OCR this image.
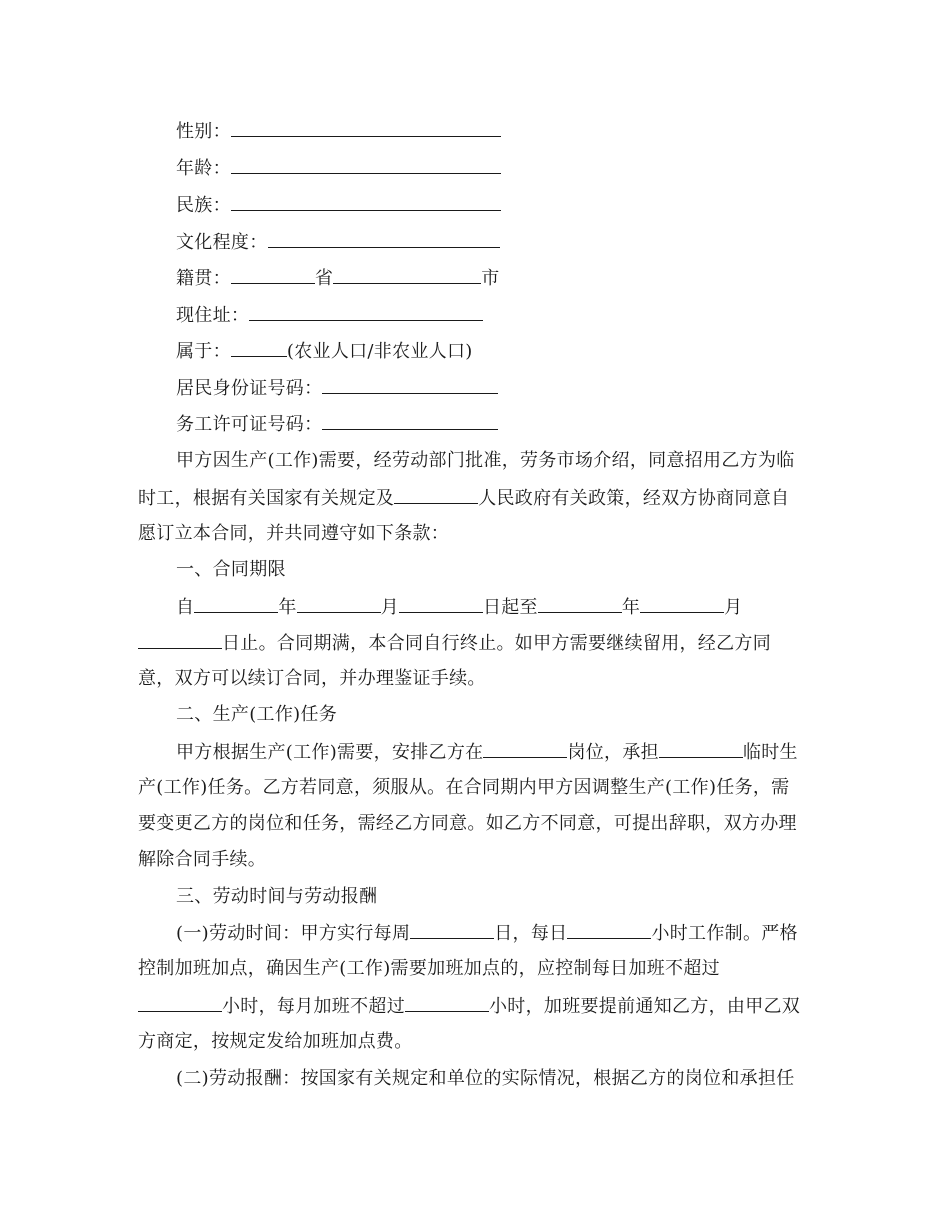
性别：
年龄：
民族：
文化程度：
籍贯：	省	市
现住址：
属于：	(农业人口/非农业人口)
居民身份证号码：
务工许可证号码：
甲方因生产(工作)需要，经劳动部门批准，劳务市场介绍，同意招用乙方为临
时工，根据有关国家有关规定及	人民政府有关政策，经双方协商同意自
愿订立本合同，并共同遵守如下条款：
一、合同期限
自	年	月	日起至	年	月
日止。合同期满，本合同自行终止。如甲方需要继续留用，经乙方同
意，双方可以续订合同，并办理鉴证手续。
二、生产(工作)任务
甲方根据生产(工作)需要，安排乙方在	岗位，承担	临时生
产(工作)任务。乙方若同意，须服从。在合同期内甲方因调整生产(工作)任务，需
要变更乙方的岗位和任务，需经乙方同意。如乙方不同意，可提出辞职，双方办理
解除合同手续。
三、劳动时间与劳动报酬
(一)劳动时间：甲方实行每周	日，每日	小时工作制。严格
控制加班加点，确因生产(工作)需要加班加点的，应控制每日加班不超过
小时，每月加班不超过	小时，加班要提前通知乙方，由甲乙双
方商定，按规定发给加班加点费。
(二)劳动报酬：按国家有关规定和单位的实际情况，根据乙方的岗位和承担任
